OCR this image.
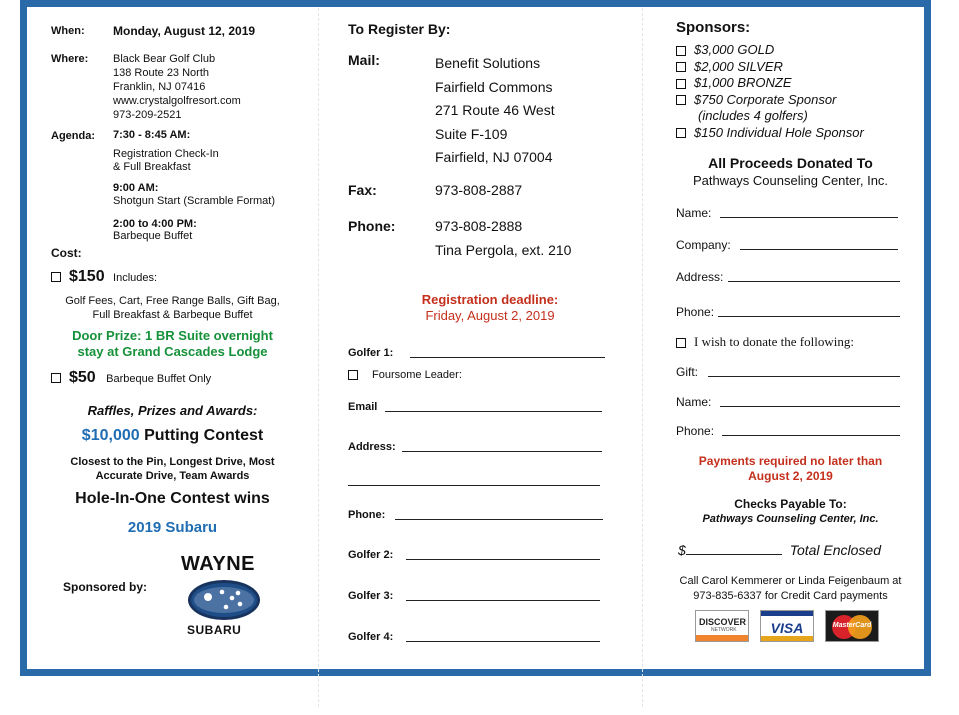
When: Monday, August 12, 2019
Where: Black Bear Golf Club
138 Route 23 North
Franklin, NJ 07416
www.crystalgolfresort.com
973-209-2521
Agenda: 7:30 - 8:45 AM:
Registration Check-In
& Full Breakfast
9:00 AM:
Shotgun Start (Scramble Format)
2:00 to 4:00 PM:
Barbeque Buffet
Cost:
$150 Includes:
Golf Fees, Cart, Free Range Balls, Gift Bag,
Full Breakfast & Barbeque Buffet
Door Prize: 1 BR Suite overnight
stay at Grand Cascades Lodge
$50 Barbeque Buffet Only
Raffles, Prizes and Awards:
$10,000 Putting Contest
Closest to the Pin, Longest Drive, Most
Accurate Drive, Team Awards
Hole-In-One Contest wins
2019 Subaru
Sponsored by:
WAYNE
SUBARU
To Register By:
Mail:	Benefit Solutions
Fairfield Commons
271 Route 46 West
Suite F-109
Fairfield, NJ 07004
Fax:	973-808-2887
Phone:	973-808-2888
Tina Pergola, ext. 210
Registration deadline:
Friday, August 2, 2019
Golfer 1:
Foursome Leader:
Email
Address:
Phone:
Golfer 2:
Golfer 3:
Golfer 4:
Sponsors:
$3,000 GOLD
$2,000 SILVER
$1,000 BRONZE
$750 Corporate Sponsor
(includes 4 golfers)
$150 Individual Hole Sponsor
All Proceeds Donated To
Pathways Counseling Center, Inc.
Name:
Company:
Address:
Phone:
I wish to donate the following:
Gift:
Name:
Phone:
Payments required no later than
August 2, 2019
Checks Payable To:
Pathways Counseling Center, Inc.
$	Total Enclosed
Call Carol Kemmerer or Linda Feigenbaum at
973-835-6337 for Credit Card payments
DISCOVER
NETWORK	VISA	MasterCard
